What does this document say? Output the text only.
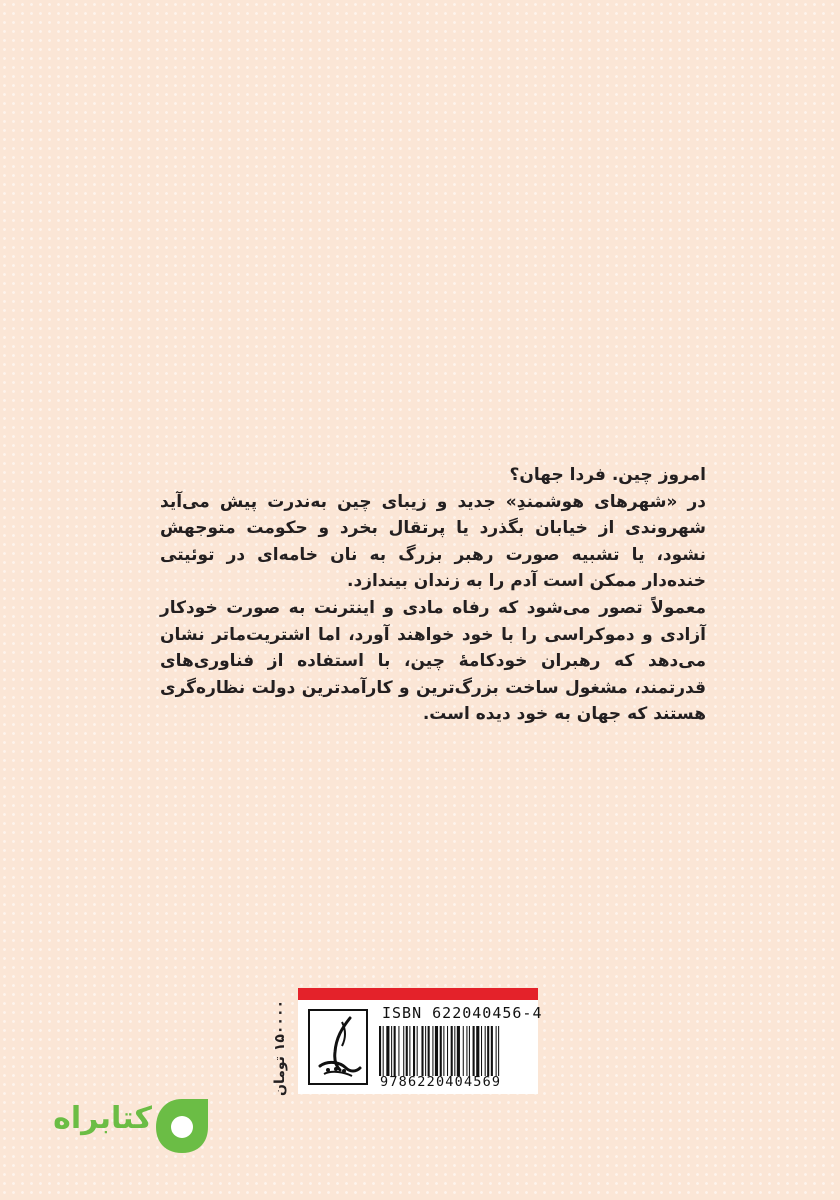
امروز چین. فردا جهان؟

در «شهرهای هوشمندِ» جدید و زیبای چین به‌ندرت پیش می‌آید شهروندی از خیابان بگذرد یا پرتقال بخرد و حکومت متوجهش نشود، یا تشبیه صورت رهبر بزرگ به نان خامه‌ای در توئیتی خنده‌دار ممکن است آدم را به زندان بیندازد.

معمولاً تصور می‌شود که رفاه مادی و اینترنت به صورت خودکار آزادی و دموکراسی را با خود خواهند آورد، اما اشتریت‌ماتر نشان می‌دهد که رهبران خودکامهٔ چین، با استفاده از فناوری‌های قدرتمند، مشغول ساخت بزرگ‌ترین و کارآمدترین دولت نظاره‌گری هستند که جهان به خود دیده است.

۱۵۰۰۰۰ تومان	ISBN 622040456-4
9786220404569
کتابراه
